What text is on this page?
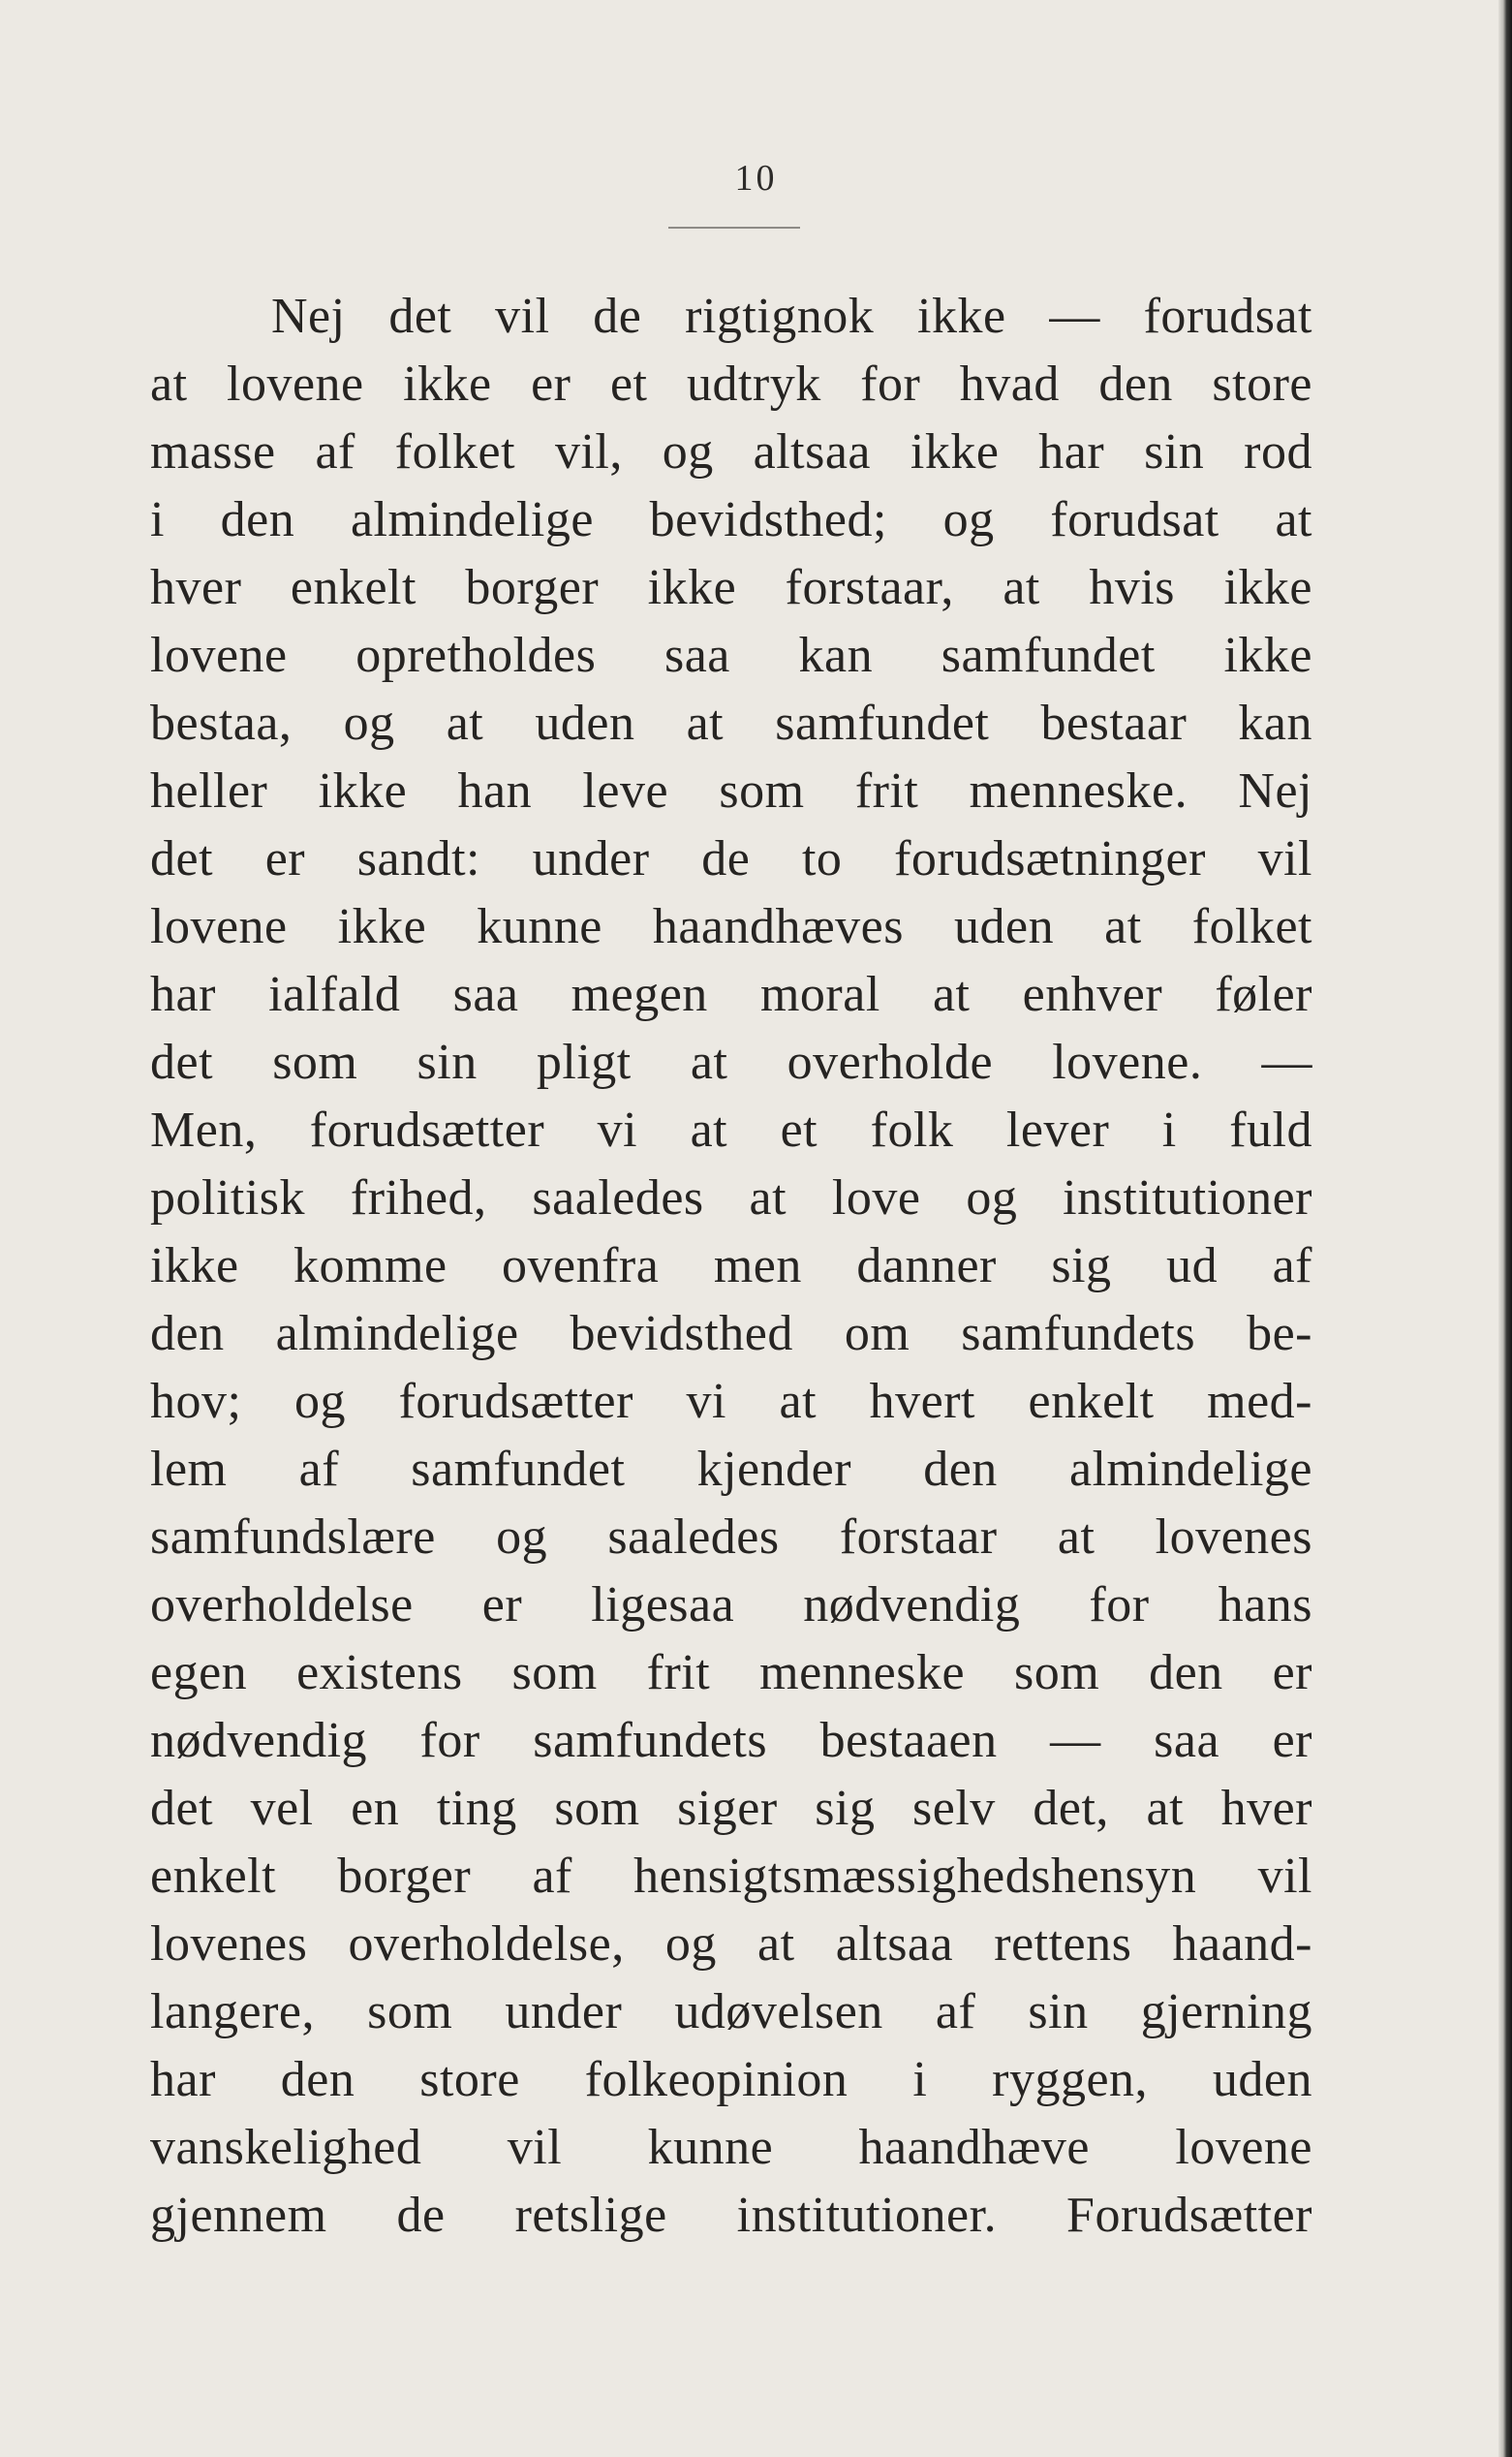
10
Nej det vil de rigtignok ikke — forudsat
at lovene ikke er et udtryk for hvad den store
masse af folket vil, og altsaa ikke har sin rod
i den almindelige bevidsthed; og forudsat at
hver enkelt borger ikke forstaar, at hvis ikke
lovene opretholdes saa kan samfundet ikke
bestaa, og at uden at samfundet bestaar kan
heller ikke han leve som frit menneske. Nej
det er sandt: under de to forudsætninger vil
lovene ikke kunne haandhæves uden at folket
har ialfald saa megen moral at enhver føler
det som sin pligt at overholde lovene. —
Men, forudsætter vi at et folk lever i fuld
politisk frihed, saaledes at love og institutioner
ikke komme ovenfra men danner sig ud af
den almindelige bevidsthed om samfundets be-
hov; og forudsætter vi at hvert enkelt med-
lem af samfundet kjender den almindelige
samfundslære og saaledes forstaar at lovenes
overholdelse er ligesaa nødvendig for hans
egen existens som frit menneske som den er
nødvendig for samfundets bestaaen — saa er
det vel en ting som siger sig selv det, at hver
enkelt borger af hensigtsmæssighedshensyn vil
lovenes overholdelse, og at altsaa rettens haand-
langere, som under udøvelsen af sin gjerning
har den store folkeopinion i ryggen, uden
vanskelighed vil kunne haandhæve lovene
gjennem de retslige institutioner. Forudsætter
